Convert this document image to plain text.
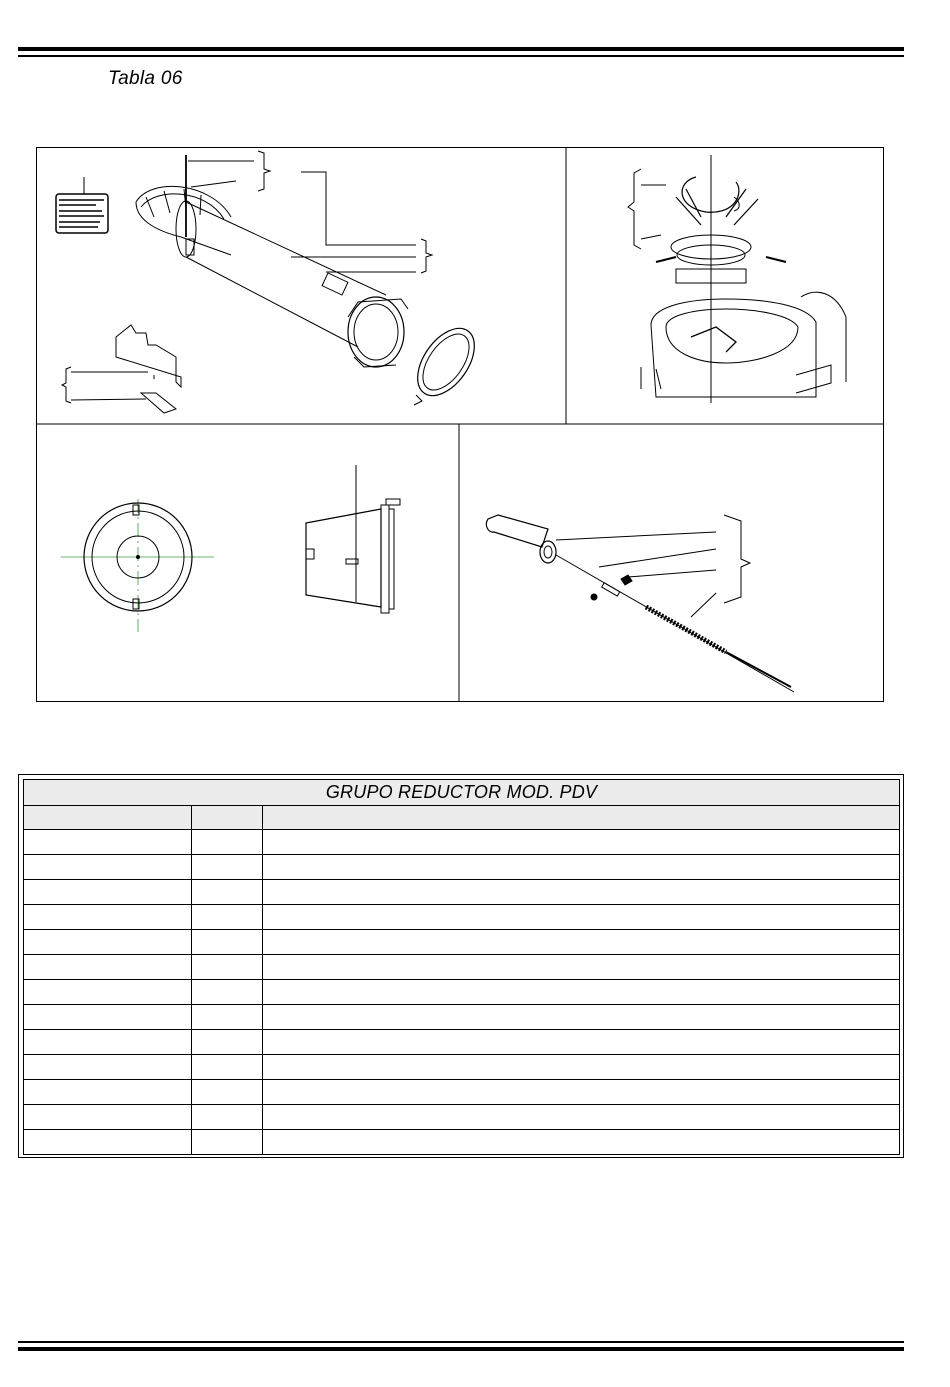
Tabla 06
GRUPO REDUCTOR MOD. PDV		
